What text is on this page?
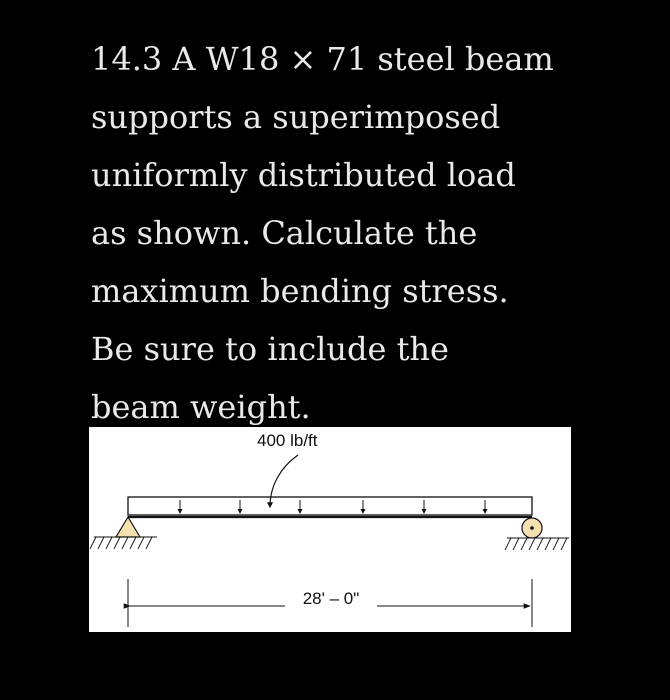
14.3 A W18 × 71 steel beam
supports a superimposed
uniformly distributed load
as shown. Calculate the
maximum bending stress.
Be sure to include the
beam weight.
400 lb/ft
28' – 0"
